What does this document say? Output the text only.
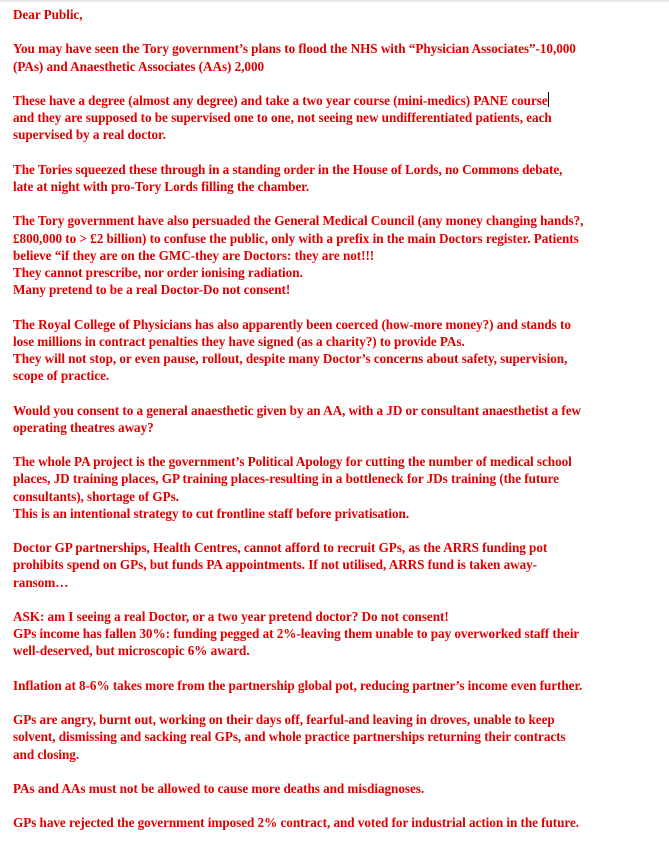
Dear Public,
You may have seen the Tory government’s plans to flood the NHS with “Physician Associates”-10,000
(PAs) and Anaesthetic Associates (AAs) 2,000
These have a degree (almost any degree) and take a two year course (mini-medics) PANE course
and they are supposed to be supervised one to one, not seeing new undifferentiated patients, each
supervised by a real doctor.
The Tories squeezed these through in a standing order in the House of Lords, no Commons debate,
late at night with pro-Tory Lords filling the chamber.
The Tory government have also persuaded the General Medical Council (any money changing hands?,
£800,000 to > £2 billion) to confuse the public, only with a prefix in the main Doctors register. Patients
believe “if they are on the GMC-they are Doctors: they are not!!!
They cannot prescribe, nor order ionising radiation.
Many pretend to be a real Doctor-Do not consent!
The Royal College of Physicians has also apparently been coerced (how-more money?) and stands to
lose millions in contract penalties they have signed (as a charity?) to provide PAs.
They will not stop, or even pause, rollout, despite many Doctor’s concerns about safety, supervision,
scope of practice.
Would you consent to a general anaesthetic given by an AA, with a JD or consultant anaesthetist a few
operating theatres away?
The whole PA project is the government’s Political Apology for cutting the number of medical school
places, JD training places, GP training places-resulting in a bottleneck for JDs training (the future
consultants), shortage of GPs.
This is an intentional strategy to cut frontline staff before privatisation.
Doctor GP partnerships, Health Centres, cannot afford to recruit GPs, as the ARRS funding pot
prohibits spend on GPs, but funds PA appointments. If not utilised, ARRS fund is taken away-
ransom…
ASK: am I seeing a real Doctor, or a two year pretend doctor? Do not consent!
GPs income has fallen 30%: funding pegged at 2%-leaving them unable to pay overworked staff their
well-deserved, but microscopic 6% award.
Inflation at 8-6% takes more from the partnership global pot, reducing partner’s income even further.
GPs are angry, burnt out, working on their days off, fearful-and leaving in droves, unable to keep
solvent, dismissing and sacking real GPs, and whole practice partnerships returning their contracts
and closing.
PAs and AAs must not be allowed to cause more deaths and misdiagnoses.
GPs have rejected the government imposed 2% contract, and voted for industrial action in the future.
